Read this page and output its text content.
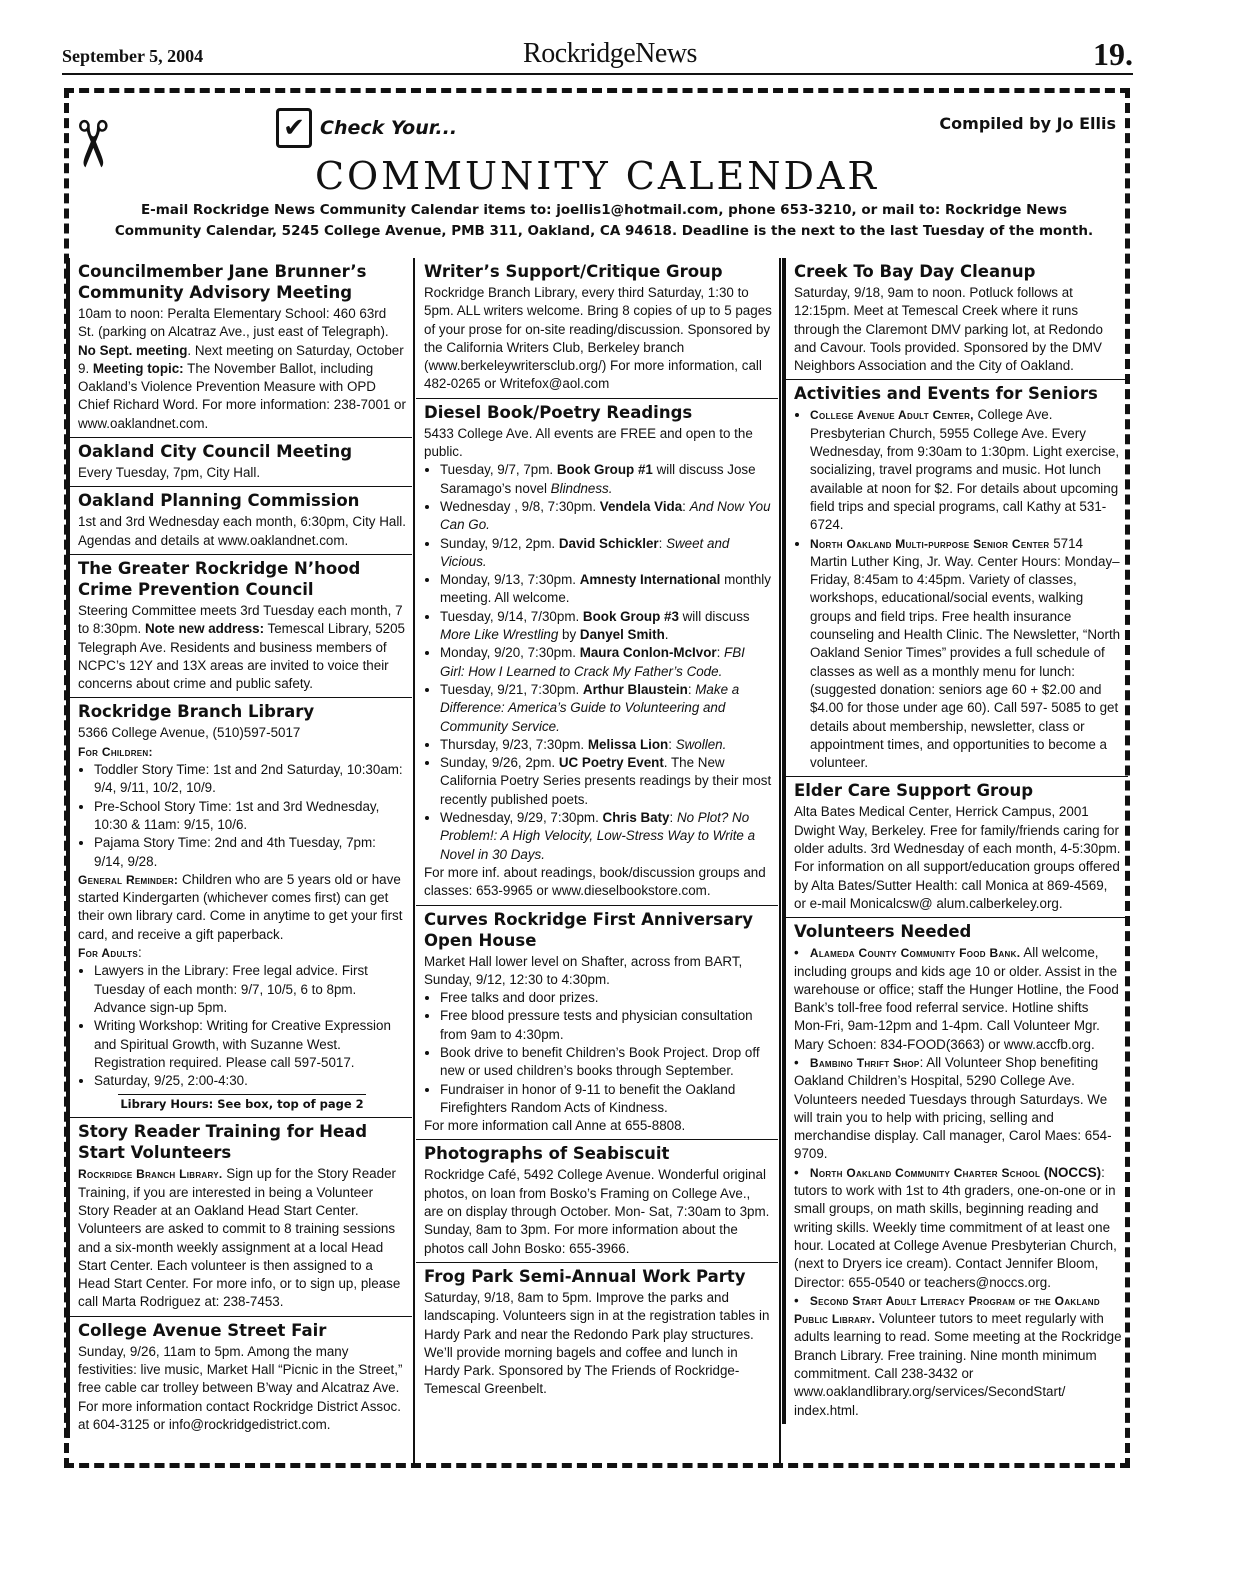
September 5, 2004	RockridgeNews	19.
✂	✔ Check Your...	Compiled by Jo Ellis
COMMUNITY CALENDAR
E-mail Rockridge News Community Calendar items to: joellis1@hotmail.com, phone 653-3210, or mail to: Rockridge News Community Calendar, 5245 College Avenue, PMB 311, Oakland, CA 94618. Deadline is the next to the last Tuesday of the month.
Councilmember Jane Brunner’s Community Advisory Meeting

10am to noon: Peralta Elementary School: 460 63rd St. (parking on Alcatraz Ave., just east of Telegraph). No Sept. meeting. Next meeting on Saturday, October 9. Meeting topic: The November Ballot, including Oakland’s Violence Prevention Measure with OPD Chief Richard Word. For more information: 238-7001 or www.oaklandnet.com.

Oakland City Council Meeting

Every Tuesday, 7pm, City Hall.

Oakland Planning Commission

1st and 3rd Wednesday each month, 6:30pm, City Hall. Agendas and details at www.oaklandnet.com.

The Greater Rockridge N’hood Crime Prevention Council

Steering Committee meets 3rd Tuesday each month, 7 to 8:30pm. Note new address: Temescal Library, 5205 Telegraph Ave. Residents and business members of NCPC’s 12Y and 13X areas are invited to voice their concerns about crime and public safety.

Rockridge Branch Library

5366 College Avenue, (510)597-5017

For Children:

• Toddler Story Time: 1st and 2nd Saturday, 10:30am: 9/4, 9/11, 10/2, 10/9.
• Pre-School Story Time: 1st and 3rd Wednesday, 10:30 & 11am: 9/15, 10/6.
• Pajama Story Time: 2nd and 4th Tuesday, 7pm: 9/14, 9/28.

General Reminder: Children who are 5 years old or have started Kindergarten (whichever comes first) can get their own library card. Come in anytime to get your first card, and receive a gift paperback.

For Adults:

• Lawyers in the Library: Free legal advice. First Tuesday of each month: 9/7, 10/5, 6 to 8pm. Advance sign-up 5pm.
• Writing Workshop: Writing for Creative Expression and Spiritual Growth, with Suzanne West. Registration required. Please call 597-5017.
• Saturday, 9/25, 2:00-4:30.
Library Hours: See box, top of page 2
Story Reader Training for Head Start Volunteers

Rockridge Branch Library. Sign up for the Story Reader Training, if you are interested in being a Volunteer Story Reader at an Oakland Head Start Center. Volunteers are asked to commit to 8 training sessions and a six-month weekly assignment at a local Head Start Center. Each volunteer is then assigned to a Head Start Center. For more info, or to sign up, please call Marta Rodriguez at: 238-7453.

College Avenue Street Fair

Sunday, 9/26, 11am to 5pm. Among the many festivities: live music, Market Hall “Picnic in the Street,” free cable car trolley between B’way and Alcatraz Ave. For more information contact Rockridge District Assoc. at 604-3125 or info@rockridgedistrict.com.

Writer’s Support/Critique Group

Rockridge Branch Library, every third Saturday, 1:30 to 5pm. ALL writers welcome. Bring 8 copies of up to 5 pages of your prose for on-site reading/discussion. Sponsored by the California Writers Club, Berkeley branch (www.berkeleywritersclub.org/) For more information, call 482-0265 or Writefox@aol.com

Diesel Book/Poetry Readings

5433 College Ave. All events are FREE and open to the public.

• Tuesday, 9/7, 7pm. Book Group #1 will discuss Jose Saramago’s novel Blindness.
• Wednesday , 9/8, 7:30pm. Vendela Vida: And Now You Can Go.
• Sunday, 9/12, 2pm. David Schickler: Sweet and Vicious.
• Monday, 9/13, 7:30pm. Amnesty International monthly meeting. All welcome.
• Tuesday, 9/14, 7/30pm. Book Group #3 will discuss More Like Wrestling by Danyel Smith.
• Monday, 9/20, 7:30pm. Maura Conlon-McIvor: FBI Girl: How I Learned to Crack My Father’s Code.
• Tuesday, 9/21, 7:30pm. Arthur Blaustein: Make a Difference: America’s Guide to Volunteering and Community Service.
• Thursday, 9/23, 7:30pm. Melissa Lion: Swollen.
• Sunday, 9/26, 2pm. UC Poetry Event. The New California Poetry Series presents readings by their most recently published poets.
• Wednesday, 9/29, 7:30pm. Chris Baty: No Plot? No Problem!: A High Velocity, Low-Stress Way to Write a Novel in 30 Days.

For more inf. about readings, book/discussion groups and classes: 653-9965 or www.dieselbookstore.com.

Curves Rockridge First Anniversary Open House

Market Hall lower level on Shafter, across from BART, Sunday, 9/12, 12:30 to 4:30pm.

• Free talks and door prizes.
• Free blood pressure tests and physician consultation from 9am to 4:30pm.
• Book drive to benefit Children’s Book Project. Drop off new or used children’s books through September.
• Fundraiser in honor of 9-11 to benefit the Oakland Firefighters Random Acts of Kindness.

For more information call Anne at 655-8808.

Photographs of Seabiscuit

Rockridge Café, 5492 College Avenue. Wonderful original photos, on loan from Bosko’s Framing on College Ave., are on display through October. Mon- Sat, 7:30am to 3pm. Sunday, 8am to 3pm. For more information about the photos call John Bosko: 655-3966.

Frog Park Semi-Annual Work Party

Saturday, 9/18, 8am to 5pm. Improve the parks and landscaping. Volunteers sign in at the registration tables in Hardy Park and near the Redondo Park play structures. We’ll provide morning bagels and coffee and lunch in Hardy Park. Sponsored by The Friends of Rockridge-Temescal Greenbelt.

Creek To Bay Day Cleanup

Saturday, 9/18, 9am to noon. Potluck follows at 12:15pm. Meet at Temescal Creek where it runs through the Claremont DMV parking lot, at Redondo and Cavour. Tools provided. Sponsored by the DMV Neighbors Association and the City of Oakland.

Activities and Events for Seniors
• College Avenue Adult Center, College Ave. Presbyterian Church, 5955 College Ave. Every Wednesday, from 9:30am to 1:30pm. Light exercise, socializing, travel programs and music. Hot lunch available at noon for $2. For details about upcoming field trips and special programs, call Kathy at 531-6724.
• North Oakland Multi-purpose Senior Center 5714 Martin Luther King, Jr. Way. Center Hours: Monday–Friday, 8:45am to 4:45pm. Variety of classes, workshops, educational/social events, walking groups and field trips. Free health insurance counseling and Health Clinic. The Newsletter, “North Oakland Senior Times” provides a full schedule of classes as well as a monthly menu for lunch: (suggested donation: seniors age 60 + $2.00 and $4.00 for those under age 60). Call 597- 5085 to get details about membership, newsletter, class or appointment times, and opportunities to become a volunteer.
Elder Care Support Group

Alta Bates Medical Center, Herrick Campus, 2001 Dwight Way, Berkeley. Free for family/friends caring for older adults. 3rd Wednesday of each month, 4-5:30pm. For information on all support/education groups offered by Alta Bates/Sutter Health: call Monica at 869-4569, or e-mail Monicalcsw@ alum.calberkeley.org.

Volunteers Needed

•   Alameda County Community Food Bank. All welcome, including groups and kids age 10 or older. Assist in the warehouse or office; staff the Hunger Hotline, the Food Bank’s toll-free food referral service. Hotline shifts Mon-Fri, 9am-12pm and 1-4pm. Call Volunteer Mgr. Mary Schoen: 834-FOOD(3663) or www.accfb.org.

•   Bambino Thrift Shop: All Volunteer Shop benefiting Oakland Children’s Hospital, 5290 College Ave. Volunteers needed Tuesdays through Saturdays. We will train you to help with pricing, selling and merchandise display. Call manager, Carol Maes: 654-9709.

•   North Oakland Community Charter School (NOCCS): tutors to work with 1st to 4th graders, one-on-one or in small groups, on math skills, beginning reading and writing skills. Weekly time commitment of at least one hour. Located at College Avenue Presbyterian Church, (next to Dryers ice cream). Contact Jennifer Bloom, Director: 655-0540 or teachers@noccs.org.

•   Second Start Adult Literacy Program of the Oakland Public Library. Volunteer tutors to meet regularly with adults learning to read. Some meeting at the Rockridge Branch Library. Free training. Nine month minimum commitment. Call 238-3432 or www.oaklandlibrary.org/services/SecondStart/ index.html.
